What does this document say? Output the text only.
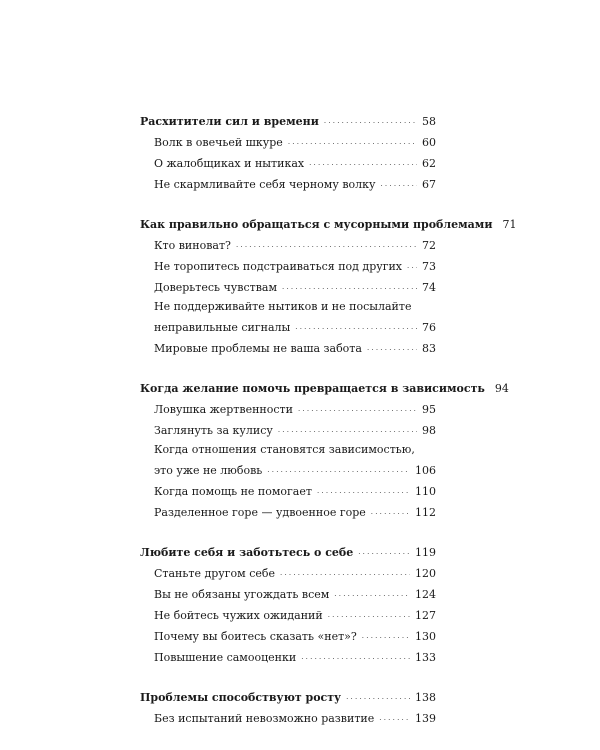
Расхитители сил и времени . . .	58
Волк в овечьей шкуре . . .	60
О жалобщиках и нытиках . . .	62
Не скармливайте себя черному волку . . .	67
Как правильно обращаться с мусорными проблемами 71
Кто виноват? . . .	72
Не торопитесь подстраиваться под других . . . 73
Доверьтесь чувствам . . .	74
Не поддерживайте нытиков и не посылайте
неправильные сигналы . . .	76
Мировые проблемы не ваша забота . . .	83
Когда желание помочь превращается в зависимость 94
Ловушка жертвенности . . .	95
Заглянуть за кулису . . .	98
Когда отношения становятся зависимостью,
это уже не любовь . . .	106
Когда помощь не помогает . . .	110
Разделенное горе — удвоенное горе . . .	112
Любите себя и заботьтесь о себе . . .	119
Станьте другом себе . . .	120
Вы не обязаны угождать всем . . .	124
Не бойтесь чужих ожиданий . . .	127
Почему вы боитесь сказать «нет»? . . .	130
Повышение самооценки . . .	133
Проблемы способствуют росту . . .	138
Без испытаний невозможно развитие . . .	139
